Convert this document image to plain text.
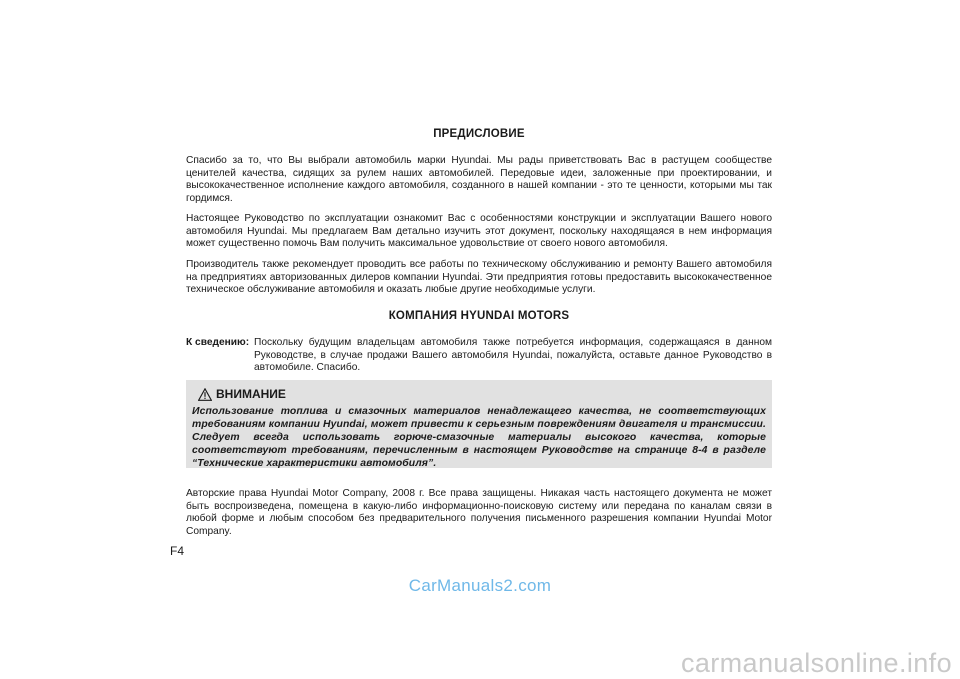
ПРЕДИСЛОВИЕ

Спасибо за то, что Вы выбрали автомобиль марки Hyundai. Мы рады приветствовать Вас в растущем сообществе ценителей качества, сидящих за рулем наших автомобилей. Передовые идеи, заложенные при проектировании, и высококачественное исполнение каждого автомобиля, созданного в нашей компании - это те ценности, которыми мы так гордимся.

Настоящее Руководство по эксплуатации ознакомит Вас с особенностями конструкции и эксплуатации Вашего нового автомобиля Hyundai. Мы предлагаем Вам детально изучить этот документ, поскольку находящаяся в нем информация может существенно помочь Вам получить максимальное удовольствие от своего нового автомобиля.

Производитель также рекомендует проводить все работы по техническому обслуживанию и ремонту Вашего автомобиля на предприятиях авторизованных дилеров компании Hyundai. Эти предприятия готовы предоставить высококачественное техническое обслуживание автомобиля и оказать любые другие необходимые услуги.

КОМПАНИЯ HYUNDAI MOTORS
К сведению: Поскольку будущим владельцам автомобиля также потребуется информация, содержащаяся в данном Руководстве, в случае продажи Вашего автомобиля Hyundai, пожалуйста, оставьте данное Руководство в автомобиле. Спасибо.
ВНИМАНИЕ

Использование топлива и смазочных материалов ненадлежащего качества, не соответствующих требованиям компании Hyundai, может привести к серьезным повреждениям двигателя и трансмиссии. Следует всегда использовать горюче-смазочные материалы высокого качества, которые соответствуют требованиям, перечисленным в настоящем Руководстве на странице 8-4 в разделе “Технические характеристики автомобиля”.

Авторские права Hyundai Motor Company, 2008 г. Все права защищены. Никакая часть настоящего документа не может быть воспроизведена, помещена в какую-либо информационно-поисковую систему или передана по каналам связи в любой форме и любым способом без предварительного получения письменного разрешения компании Hyundai Motor Company.

F4
CarManuals2.com
carmanualsonline.info
